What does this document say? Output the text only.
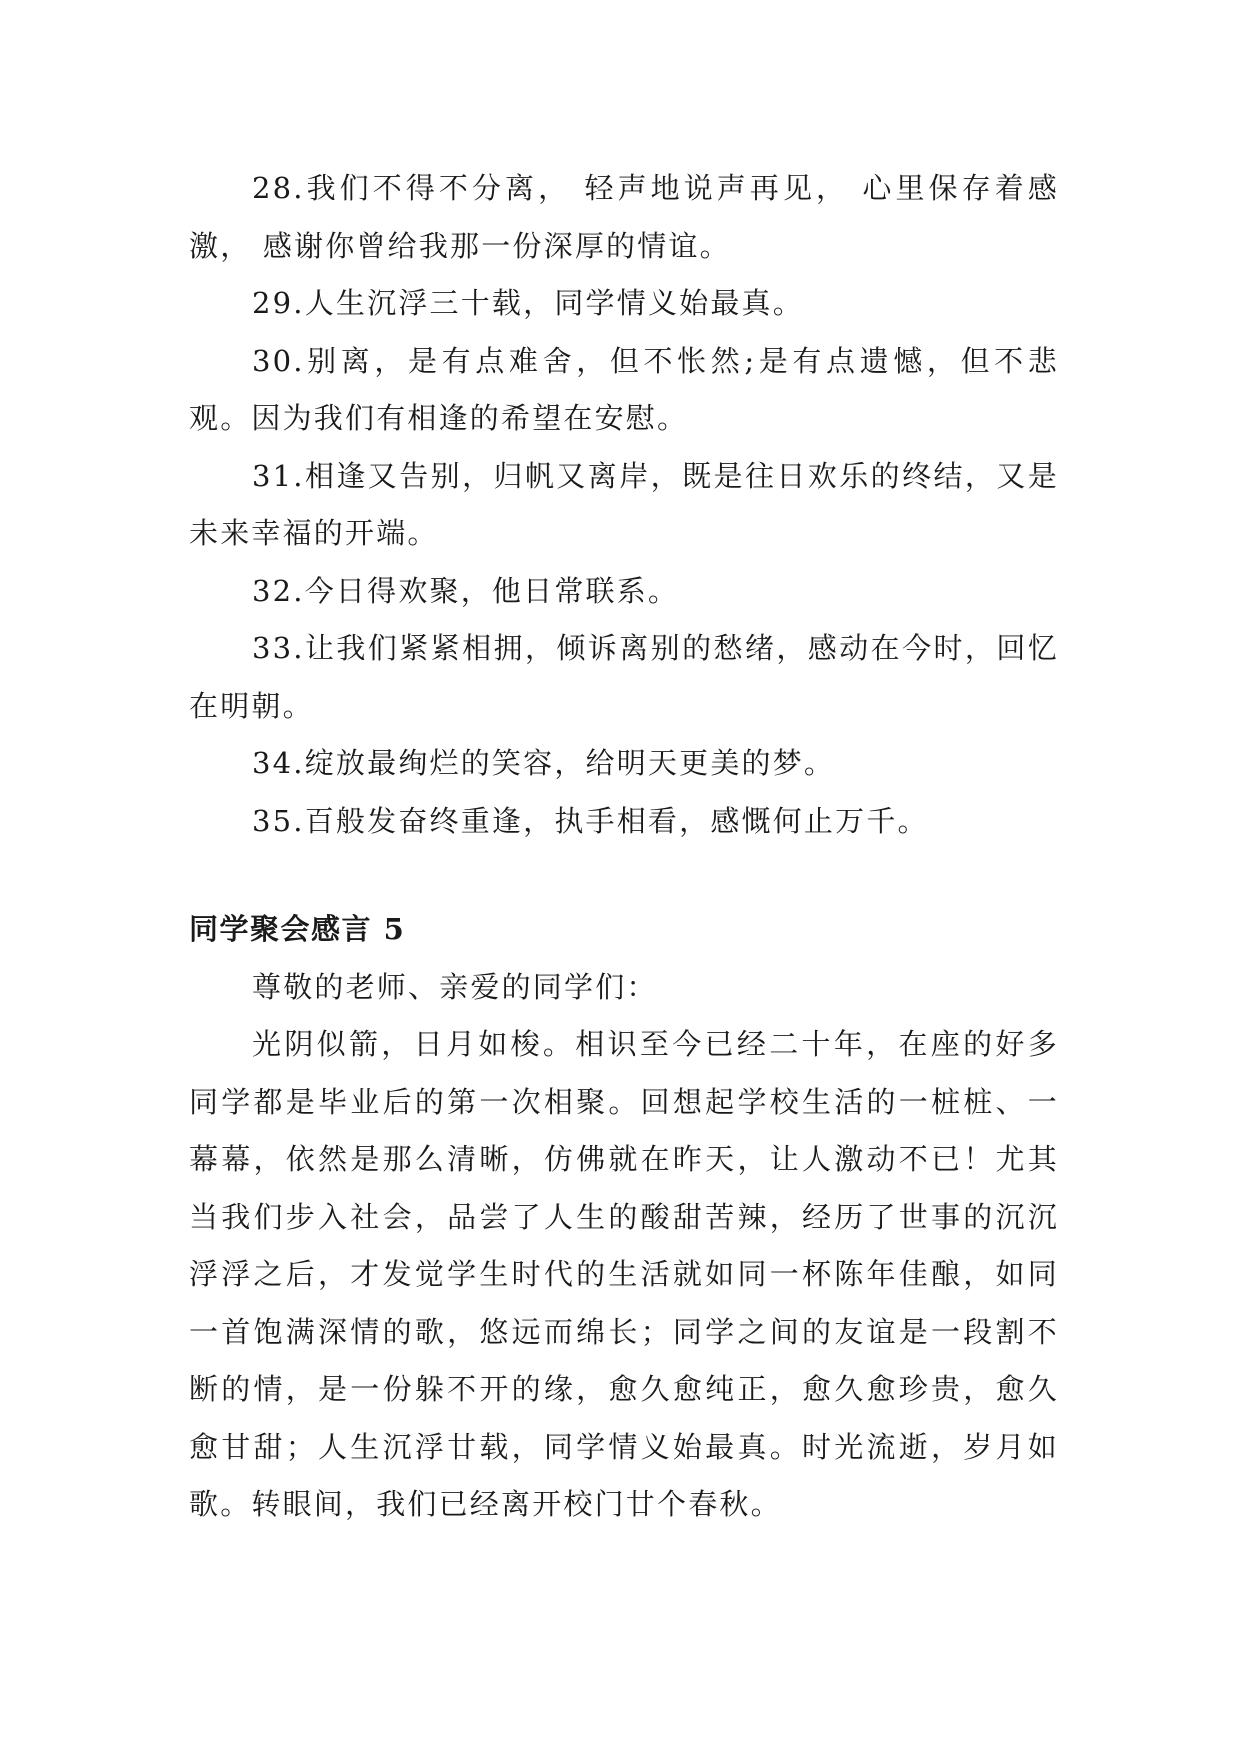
28.我们不得不分离， 轻声地说声再见， 心里保存着感激， 感谢你曾给我那一份深厚的情谊。

29.人生沉浮三十载，同学情义始最真。

30.别离，是有点难舍，但不怅然;是有点遗憾，但不悲观。因为我们有相逢的希望在安慰。

31.相逢又告别，归帆又离岸，既是往日欢乐的终结，又是未来幸福的开端。

32.今日得欢聚，他日常联系。

33.让我们紧紧相拥，倾诉离别的愁绪，感动在今时，回忆在明朝。

34.绽放最绚烂的笑容，给明天更美的梦。

35.百般发奋终重逢，执手相看，感慨何止万千。

同学聚会感言 5

尊敬的老师、亲爱的同学们：

光阴似箭，日月如梭。相识至今已经二十年，在座的好多同学都是毕业后的第一次相聚。回想起学校生活的一桩桩、一幕幕，依然是那么清晰，仿佛就在昨天，让人激动不已！尤其当我们步入社会，品尝了人生的酸甜苦辣，经历了世事的沉沉浮浮之后，才发觉学生时代的生活就如同一杯陈年佳酿，如同一首饱满深情的歌，悠远而绵长；同学之间的友谊是一段割不断的情，是一份躲不开的缘，愈久愈纯正，愈久愈珍贵，愈久愈甘甜；人生沉浮廿载，同学情义始最真。时光流逝，岁月如歌。转眼间，我们已经离开校门廿个春秋。
